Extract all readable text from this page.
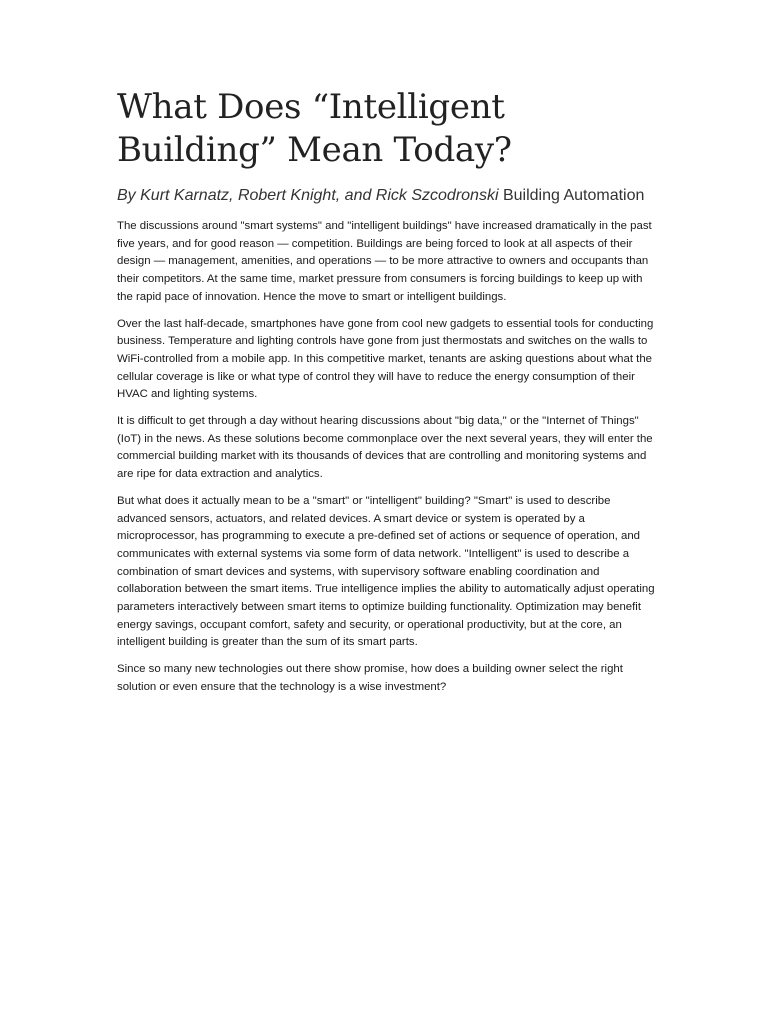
What Does “Intelligent Building” Mean Today?
By Kurt Karnatz, Robert Knight, and Rick Szcodronski Building Automation

The discussions around "smart systems" and "intelligent buildings" have increased dramatically in the past five years, and for good reason — competition. Buildings are being forced to look at all aspects of their design — management, amenities, and operations — to be more attractive to owners and occupants than their competitors. At the same time, market pressure from consumers is forcing buildings to keep up with the rapid pace of innovation. Hence the move to smart or intelligent buildings.

Over the last half-decade, smartphones have gone from cool new gadgets to essential tools for conducting business. Temperature and lighting controls have gone from just thermostats and switches on the walls to WiFi-controlled from a mobile app. In this competitive market, tenants are asking questions about what the cellular coverage is like or what type of control they will have to reduce the energy consumption of their HVAC and lighting systems.

It is difficult to get through a day without hearing discussions about "big data," or the "Internet of Things" (IoT) in the news. As these solutions become commonplace over the next several years, they will enter the commercial building market with its thousands of devices that are controlling and monitoring systems and are ripe for data extraction and analytics.

But what does it actually mean to be a "smart" or "intelligent" building? "Smart" is used to describe advanced sensors, actuators, and related devices. A smart device or system is operated by a microprocessor, has programming to execute a pre-defined set of actions or sequence of operation, and communicates with external systems via some form of data network. "Intelligent" is used to describe a combination of smart devices and systems, with supervisory software enabling coordination and collaboration between the smart items. True intelligence implies the ability to automatically adjust operating parameters interactively between smart items to optimize building functionality. Optimization may benefit energy savings, occupant comfort, safety and security, or operational productivity, but at the core, an intelligent building is greater than the sum of its smart parts.

Since so many new technologies out there show promise, how does a building owner select the right solution or even ensure that the technology is a wise investment?
